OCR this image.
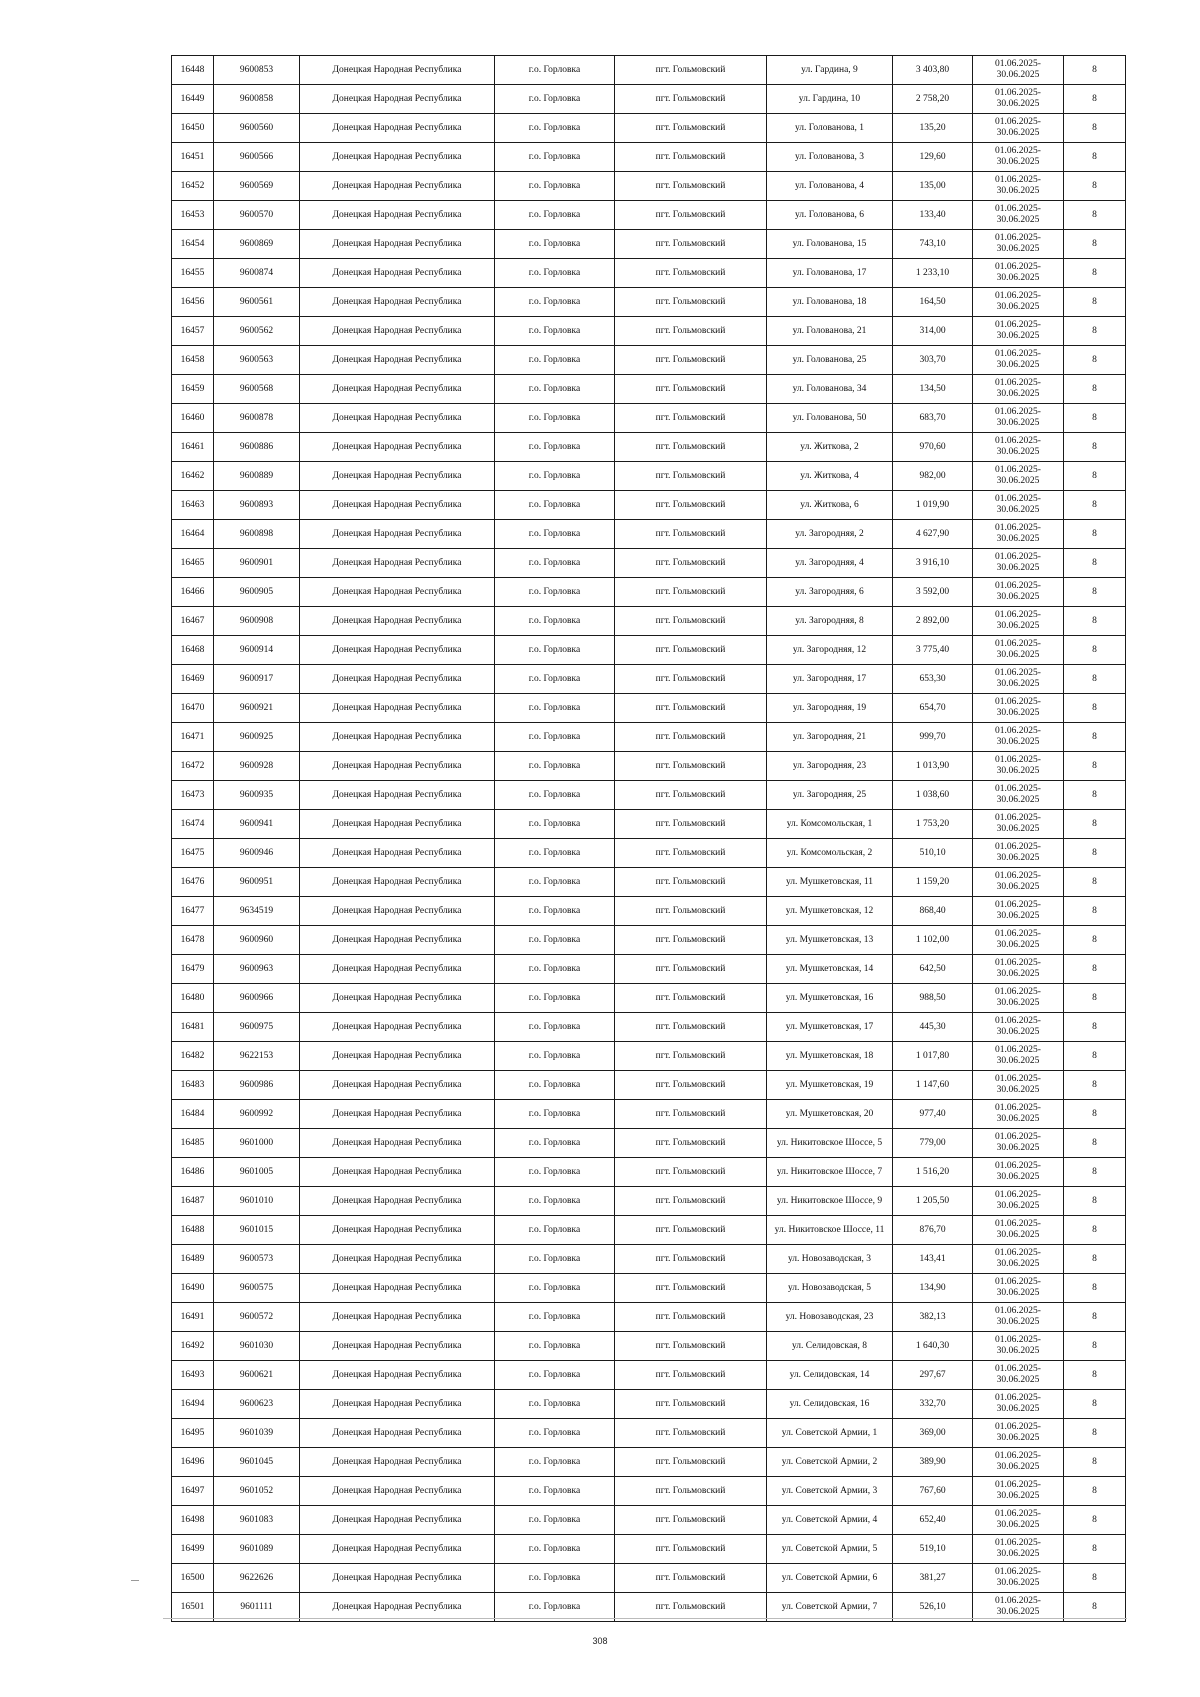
16448	9600853	Донецкая Народная Республика	г.о. Горловка	пгт. Гольмовский	ул. Гардина, 9	3 403,80	01.06.2025-30.06.2025	8
16449	9600858	Донецкая Народная Республика	г.о. Горловка	пгт. Гольмовский	ул. Гардина, 10	2 758,20	01.06.2025-30.06.2025	8
16450	9600560	Донецкая Народная Республика	г.о. Горловка	пгт. Гольмовский	ул. Голованова, 1	135,20	01.06.2025-30.06.2025	8
16451	9600566	Донецкая Народная Республика	г.о. Горловка	пгт. Гольмовский	ул. Голованова, 3	129,60	01.06.2025-30.06.2025	8
16452	9600569	Донецкая Народная Республика	г.о. Горловка	пгт. Гольмовский	ул. Голованова, 4	135,00	01.06.2025-30.06.2025	8
16453	9600570	Донецкая Народная Республика	г.о. Горловка	пгт. Гольмовский	ул. Голованова, 6	133,40	01.06.2025-30.06.2025	8
16454	9600869	Донецкая Народная Республика	г.о. Горловка	пгт. Гольмовский	ул. Голованова, 15	743,10	01.06.2025-30.06.2025	8
16455	9600874	Донецкая Народная Республика	г.о. Горловка	пгт. Гольмовский	ул. Голованова, 17	1 233,10	01.06.2025-30.06.2025	8
16456	9600561	Донецкая Народная Республика	г.о. Горловка	пгт. Гольмовский	ул. Голованова, 18	164,50	01.06.2025-30.06.2025	8
16457	9600562	Донецкая Народная Республика	г.о. Горловка	пгт. Гольмовский	ул. Голованова, 21	314,00	01.06.2025-30.06.2025	8
16458	9600563	Донецкая Народная Республика	г.о. Горловка	пгт. Гольмовский	ул. Голованова, 25	303,70	01.06.2025-30.06.2025	8
16459	9600568	Донецкая Народная Республика	г.о. Горловка	пгт. Гольмовский	ул. Голованова, 34	134,50	01.06.2025-30.06.2025	8
16460	9600878	Донецкая Народная Республика	г.о. Горловка	пгт. Гольмовский	ул. Голованова, 50	683,70	01.06.2025-30.06.2025	8
16461	9600886	Донецкая Народная Республика	г.о. Горловка	пгт. Гольмовский	ул. Житкова, 2	970,60	01.06.2025-30.06.2025	8
16462	9600889	Донецкая Народная Республика	г.о. Горловка	пгт. Гольмовский	ул. Житкова, 4	982,00	01.06.2025-30.06.2025	8
16463	9600893	Донецкая Народная Республика	г.о. Горловка	пгт. Гольмовский	ул. Житкова, 6	1 019,90	01.06.2025-30.06.2025	8
16464	9600898	Донецкая Народная Республика	г.о. Горловка	пгт. Гольмовский	ул. Загородняя, 2	4 627,90	01.06.2025-30.06.2025	8
16465	9600901	Донецкая Народная Республика	г.о. Горловка	пгт. Гольмовский	ул. Загородняя, 4	3 916,10	01.06.2025-30.06.2025	8
16466	9600905	Донецкая Народная Республика	г.о. Горловка	пгт. Гольмовский	ул. Загородняя, 6	3 592,00	01.06.2025-30.06.2025	8
16467	9600908	Донецкая Народная Республика	г.о. Горловка	пгт. Гольмовский	ул. Загородняя, 8	2 892,00	01.06.2025-30.06.2025	8
16468	9600914	Донецкая Народная Республика	г.о. Горловка	пгт. Гольмовский	ул. Загородняя, 12	3 775,40	01.06.2025-30.06.2025	8
16469	9600917	Донецкая Народная Республика	г.о. Горловка	пгт. Гольмовский	ул. Загородняя, 17	653,30	01.06.2025-30.06.2025	8
16470	9600921	Донецкая Народная Республика	г.о. Горловка	пгт. Гольмовский	ул. Загородняя, 19	654,70	01.06.2025-30.06.2025	8
16471	9600925	Донецкая Народная Республика	г.о. Горловка	пгт. Гольмовский	ул. Загородняя, 21	999,70	01.06.2025-30.06.2025	8
16472	9600928	Донецкая Народная Республика	г.о. Горловка	пгт. Гольмовский	ул. Загородняя, 23	1 013,90	01.06.2025-30.06.2025	8
16473	9600935	Донецкая Народная Республика	г.о. Горловка	пгт. Гольмовский	ул. Загородняя, 25	1 038,60	01.06.2025-30.06.2025	8
16474	9600941	Донецкая Народная Республика	г.о. Горловка	пгт. Гольмовский	ул. Комсомольская, 1	1 753,20	01.06.2025-30.06.2025	8
16475	9600946	Донецкая Народная Республика	г.о. Горловка	пгт. Гольмовский	ул. Комсомольская, 2	510,10	01.06.2025-30.06.2025	8
16476	9600951	Донецкая Народная Республика	г.о. Горловка	пгт. Гольмовский	ул. Мушкетовская, 11	1 159,20	01.06.2025-30.06.2025	8
16477	9634519	Донецкая Народная Республика	г.о. Горловка	пгт. Гольмовский	ул. Мушкетовская, 12	868,40	01.06.2025-30.06.2025	8
16478	9600960	Донецкая Народная Республика	г.о. Горловка	пгт. Гольмовский	ул. Мушкетовская, 13	1 102,00	01.06.2025-30.06.2025	8
16479	9600963	Донецкая Народная Республика	г.о. Горловка	пгт. Гольмовский	ул. Мушкетовская, 14	642,50	01.06.2025-30.06.2025	8
16480	9600966	Донецкая Народная Республика	г.о. Горловка	пгт. Гольмовский	ул. Мушкетовская, 16	988,50	01.06.2025-30.06.2025	8
16481	9600975	Донецкая Народная Республика	г.о. Горловка	пгт. Гольмовский	ул. Мушкетовская, 17	445,30	01.06.2025-30.06.2025	8
16482	9622153	Донецкая Народная Республика	г.о. Горловка	пгт. Гольмовский	ул. Мушкетовская, 18	1 017,80	01.06.2025-30.06.2025	8
16483	9600986	Донецкая Народная Республика	г.о. Горловка	пгт. Гольмовский	ул. Мушкетовская, 19	1 147,60	01.06.2025-30.06.2025	8
16484	9600992	Донецкая Народная Республика	г.о. Горловка	пгт. Гольмовский	ул. Мушкетовская, 20	977,40	01.06.2025-30.06.2025	8
16485	9601000	Донецкая Народная Республика	г.о. Горловка	пгт. Гольмовский	ул. Никитовское Шоссе, 5	779,00	01.06.2025-30.06.2025	8
16486	9601005	Донецкая Народная Республика	г.о. Горловка	пгт. Гольмовский	ул. Никитовское Шоссе, 7	1 516,20	01.06.2025-30.06.2025	8
16487	9601010	Донецкая Народная Республика	г.о. Горловка	пгт. Гольмовский	ул. Никитовское Шоссе, 9	1 205,50	01.06.2025-30.06.2025	8
16488	9601015	Донецкая Народная Республика	г.о. Горловка	пгт. Гольмовский	ул. Никитовское Шоссе, 11	876,70	01.06.2025-30.06.2025	8
16489	9600573	Донецкая Народная Республика	г.о. Горловка	пгт. Гольмовский	ул. Новозаводская, 3	143,41	01.06.2025-30.06.2025	8
16490	9600575	Донецкая Народная Республика	г.о. Горловка	пгт. Гольмовский	ул. Новозаводская, 5	134,90	01.06.2025-30.06.2025	8
16491	9600572	Донецкая Народная Республика	г.о. Горловка	пгт. Гольмовский	ул. Новозаводская, 23	382,13	01.06.2025-30.06.2025	8
16492	9601030	Донецкая Народная Республика	г.о. Горловка	пгт. Гольмовский	ул. Селидовская, 8	1 640,30	01.06.2025-30.06.2025	8
16493	9600621	Донецкая Народная Республика	г.о. Горловка	пгт. Гольмовский	ул. Селидовская, 14	297,67	01.06.2025-30.06.2025	8
16494	9600623	Донецкая Народная Республика	г.о. Горловка	пгт. Гольмовский	ул. Селидовская, 16	332,70	01.06.2025-30.06.2025	8
16495	9601039	Донецкая Народная Республика	г.о. Горловка	пгт. Гольмовский	ул. Советской Армии, 1	369,00	01.06.2025-30.06.2025	8
16496	9601045	Донецкая Народная Республика	г.о. Горловка	пгт. Гольмовский	ул. Советской Армии, 2	389,90	01.06.2025-30.06.2025	8
16497	9601052	Донецкая Народная Республика	г.о. Горловка	пгт. Гольмовский	ул. Советской Армии, 3	767,60	01.06.2025-30.06.2025	8
16498	9601083	Донецкая Народная Республика	г.о. Горловка	пгт. Гольмовский	ул. Советской Армии, 4	652,40	01.06.2025-30.06.2025	8
16499	9601089	Донецкая Народная Республика	г.о. Горловка	пгт. Гольмовский	ул. Советской Армии, 5	519,10	01.06.2025-30.06.2025	8
16500	9622626	Донецкая Народная Республика	г.о. Горловка	пгт. Гольмовский	ул. Советской Армии, 6	381,27	01.06.2025-30.06.2025	8
16501	9601111	Донецкая Народная Республика	г.о. Горловка	пгт. Гольмовский	ул. Советской Армии, 7	526,10	01.06.2025-30.06.2025	8
308
